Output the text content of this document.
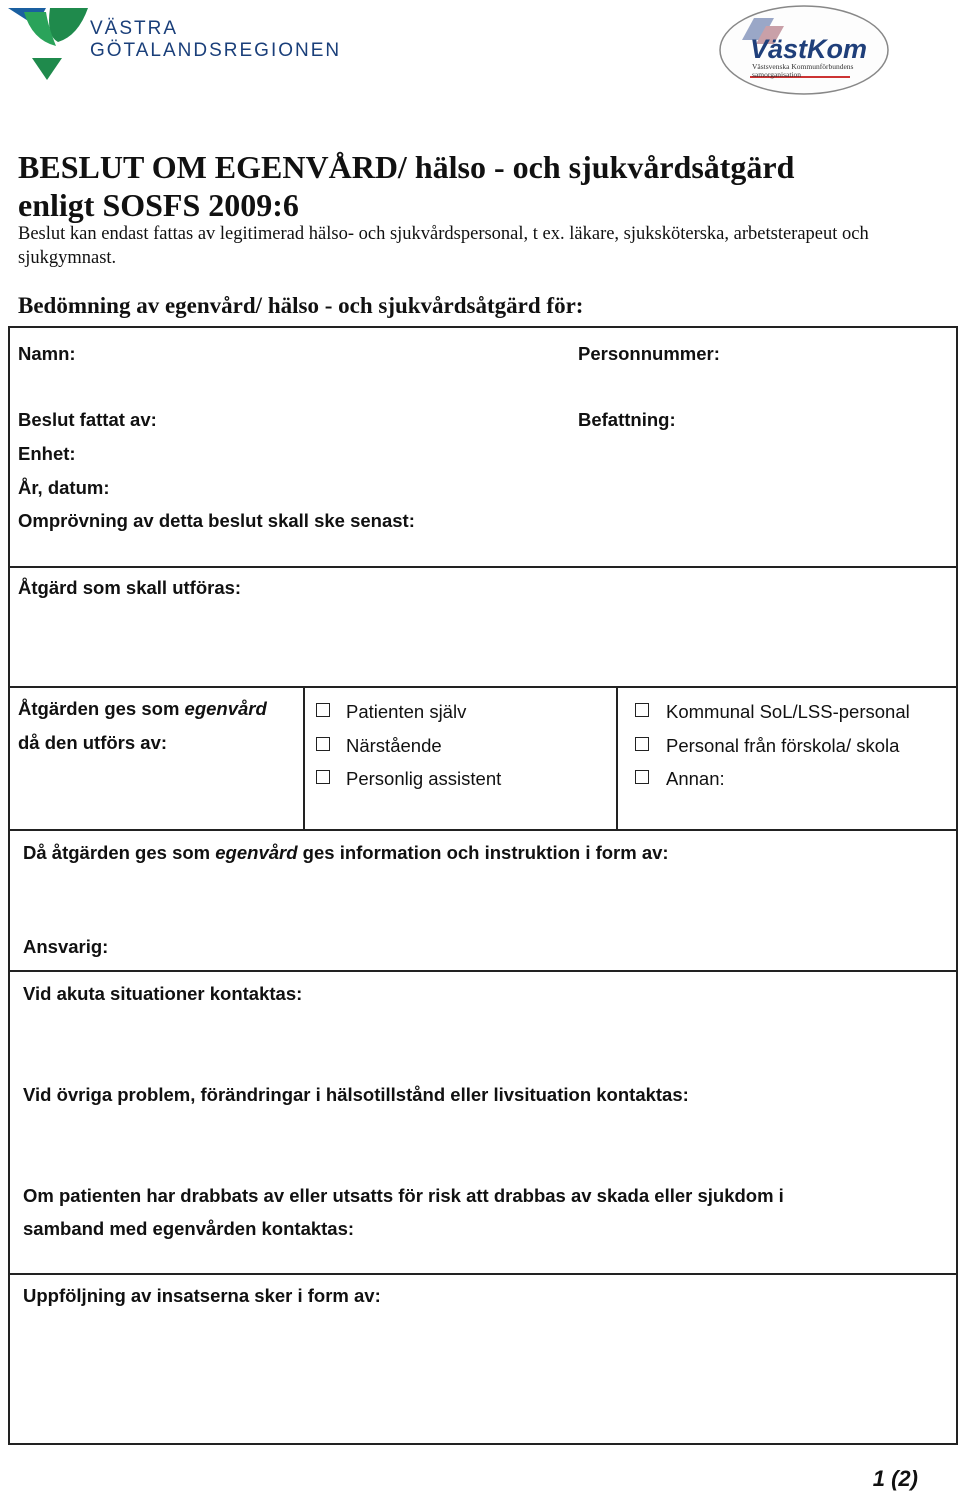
VÄSTRA
GÖTALANDSREGIONEN	VästKom
Västsvenska Kommunförbundens samorganisation
BESLUT OM EGENVÅRD/ hälso - och sjukvårdsåtgärd
enligt SOSFS 2009:6
Beslut kan endast fattas av legitimerad hälso- och sjukvårdspersonal, t ex. läkare, sjuksköterska, arbetsterapeut och sjukgymnast.
Bedömning av egenvård/ hälso - och sjukvårdsåtgärd för:
Namn:	Personnummer:
Beslut fattat av:	Befattning:
Enhet:
År, datum:
Omprövning av detta beslut skall ske senast:
Åtgärd som skall utföras:
Åtgärden ges som egenvård
då den utförs av:
Patienten själv
Närstående
Personlig assistent
Kommunal SoL/LSS-personal
Personal från förskola/ skola
Annan:
Då åtgärden ges som egenvård ges information och instruktion i form av:
Ansvarig:
Vid akuta situationer kontaktas:
Vid övriga problem, förändringar i hälsotillstånd eller livsituation kontaktas:
Om patienten har drabbats av eller utsatts för risk att drabbas av skada eller sjukdom i
samband med egenvården kontaktas:
Uppföljning av insatserna sker i form av:
1 (2)
